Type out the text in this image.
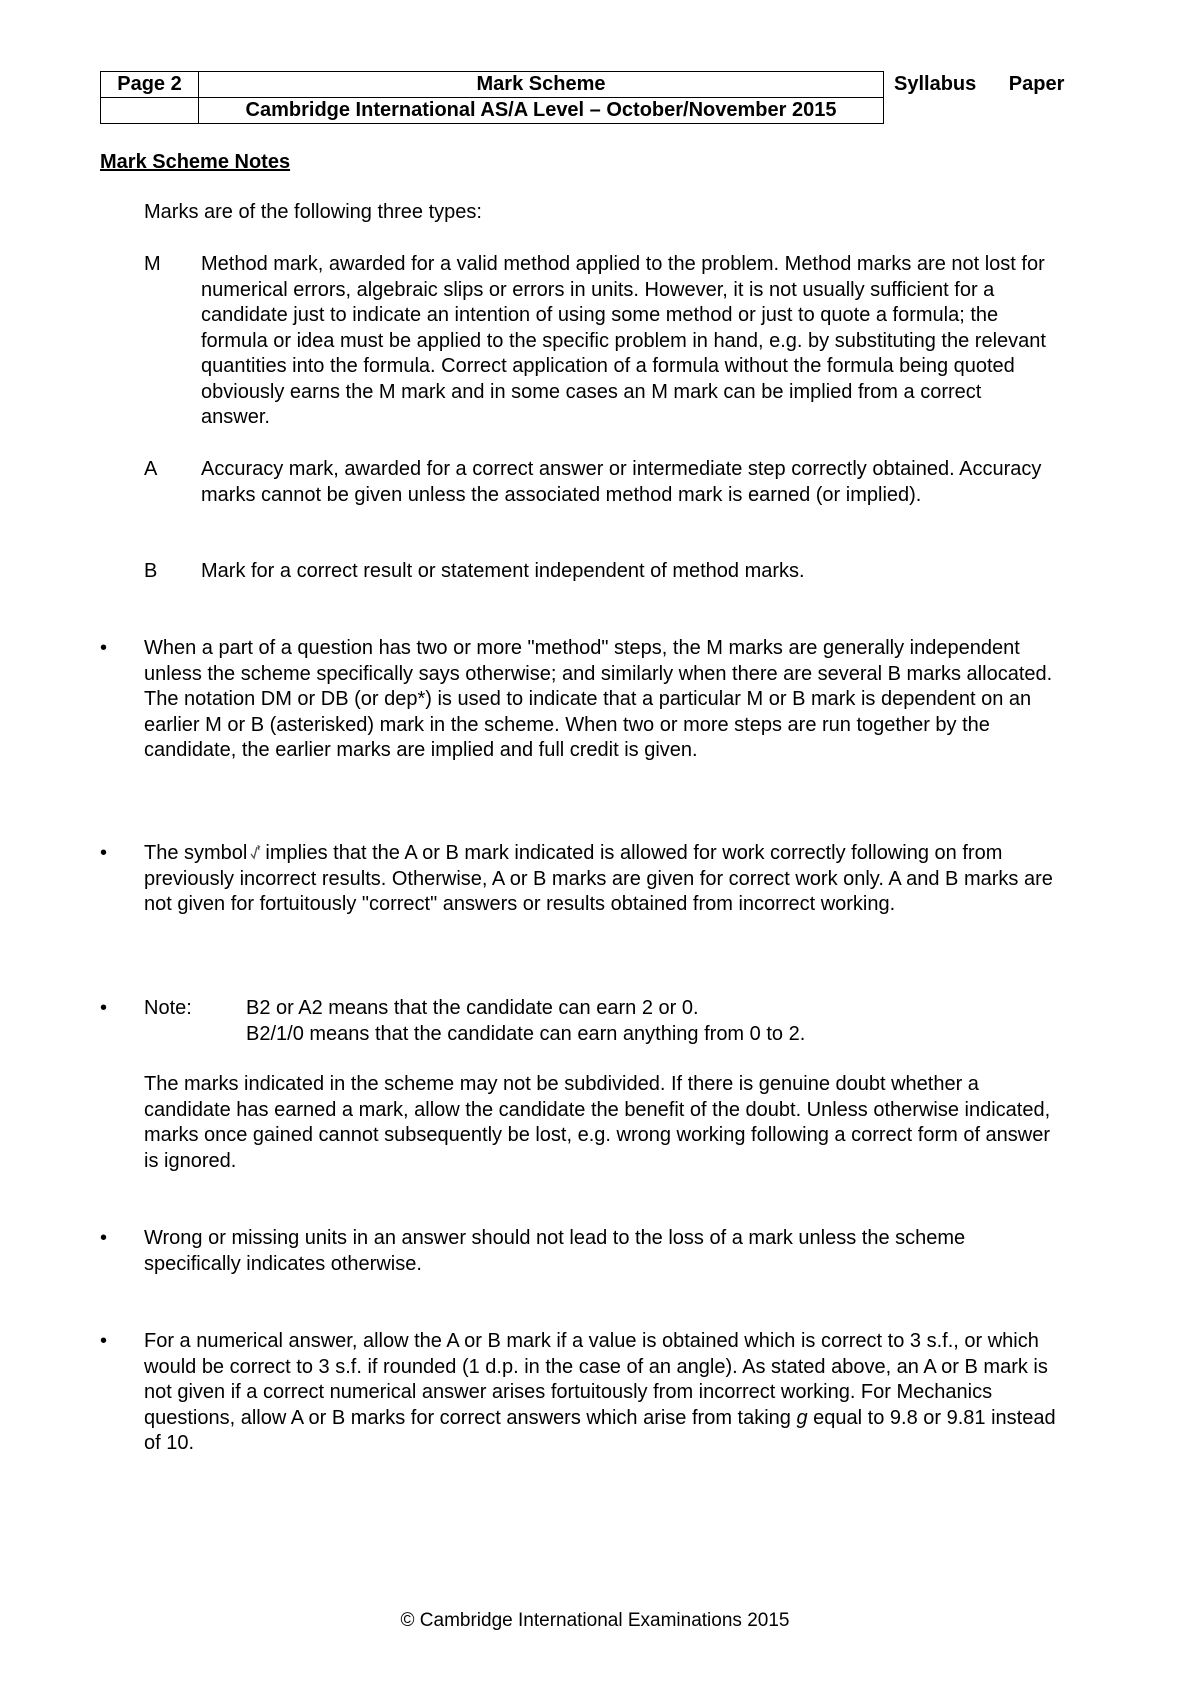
Page 2	Mark Scheme	Syllabus	Paper
	Cambridge International AS/A Level – October/November 2015		
Mark Scheme Notes
Marks are of the following three types:
M Method mark, awarded for a valid method applied to the problem. Method marks are not lost for numerical errors, algebraic slips or errors in units. However, it is not usually sufficient for a candidate just to indicate an intention of using some method or just to quote a formula; the formula or idea must be applied to the specific problem in hand, e.g. by substituting the relevant quantities into the formula. Correct application of a formula without the formula being quoted obviously earns the M mark and in some cases an M mark can be implied from a correct answer.
A Accuracy mark, awarded for a correct answer or intermediate step correctly obtained. Accuracy marks cannot be given unless the associated method mark is earned (or implied).
B Mark for a correct result or statement independent of method marks.
• When a part of a question has two or more "method" steps, the M marks are generally independent unless the scheme specifically says otherwise; and similarly when there are several B marks allocated. The notation DM or DB (or dep*) is used to indicate that a particular M or B mark is dependent on an earlier M or B (asterisked) mark in the scheme. When two or more steps are run together by the candidate, the earlier marks are implied and full credit is given.
• The symbol implies that the A or B mark indicated is allowed for work correctly following on from previously incorrect results. Otherwise, A or B marks are given for correct work only. A and B marks are not given for fortuitously "correct" answers or results obtained from incorrect working.
• Note:	B2 or A2 means that the candidate can earn 2 or 0.
B2/1/0 means that the candidate can earn anything from 0 to 2.
The marks indicated in the scheme may not be subdivided. If there is genuine doubt whether a candidate has earned a mark, allow the candidate the benefit of the doubt. Unless otherwise indicated, marks once gained cannot subsequently be lost, e.g. wrong working following a correct form of answer is ignored.
• Wrong or missing units in an answer should not lead to the loss of a mark unless the scheme specifically indicates otherwise.
• For a numerical answer, allow the A or B mark if a value is obtained which is correct to 3 s.f., or which would be correct to 3 s.f. if rounded (1 d.p. in the case of an angle). As stated above, an A or B mark is not given if a correct numerical answer arises fortuitously from incorrect working. For Mechanics questions, allow A or B marks for correct answers which arise from taking g equal to 9.8 or 9.81 instead of 10.
© Cambridge International Examinations 2015
